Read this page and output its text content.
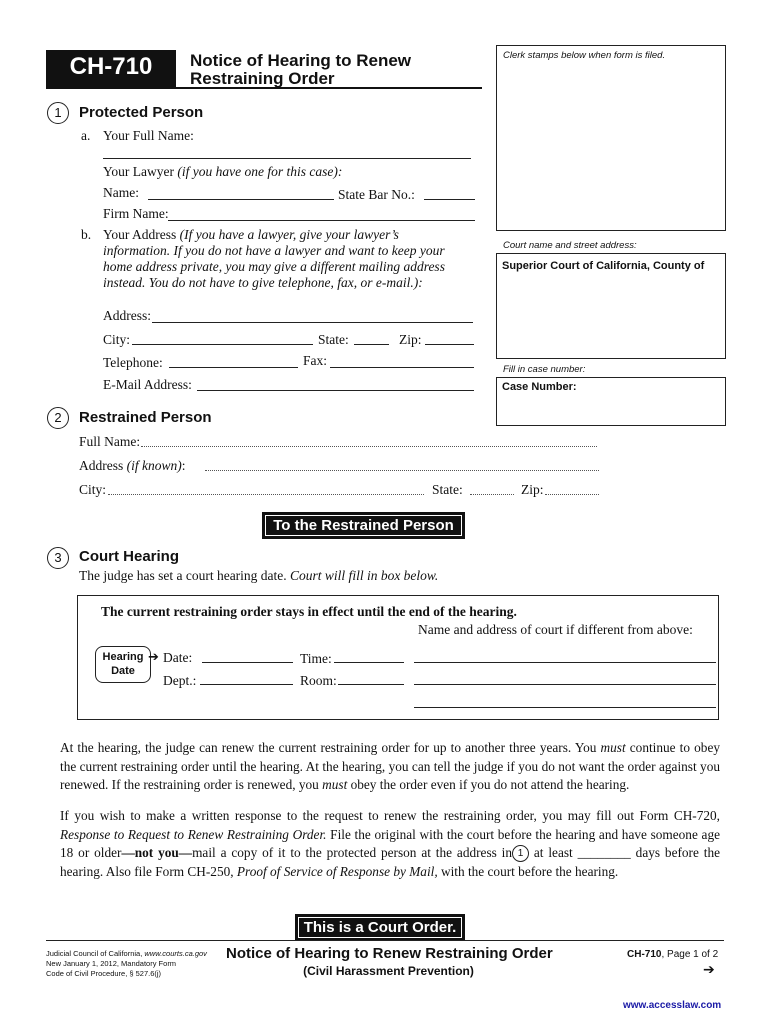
CH-710	Notice of Hearing to Renew
Restraining Order
Clerk stamps below when form is filed.
Court name and street address:
Superior Court of California, County of
Fill in case number:
Case Number:
1	Protected Person
a. Your Full Name:
Your Lawyer (if you have one for this case):
Name:	State Bar No.:
Firm Name:
b. Your Address (If you have a lawyer, give your lawyer’s
information. If you do not have a lawyer and want to keep your
home address private, you may give a different mailing address
instead. You do not have to give telephone, fax, or e-mail.):
Address:
City:	State:	Zip:
Telephone:	Fax:
E-Mail Address:
2	Restrained Person
Full Name:
Address (if known):
City:	State:	Zip:
To the Restrained Person
3	Court Hearing
The judge has set a court hearing date. Court will fill in box below.
The current restraining order stays in effect until the end of the hearing.
Name and address of court if different from above:
Hearing
Date
➔ Date:	Time:
Dept.:	Room:
At the hearing, the judge can renew the current restraining order for up to another three years. You must continue to obey the current restraining order until the hearing. At the hearing, you can tell the judge if you do not want the order against you renewed. If the restraining order is renewed, you must obey the order even if you do not attend the hearing.
If you wish to make a written response to the request to renew the restraining order, you may fill out Form CH-720, Response to Request to Renew Restraining Order. File the original with the court before the hearing and have someone age 18 or older—not you—mail a copy of it to the protected person at the address in 1 at least ________ days before the hearing. Also file Form CH-250, Proof of Service of Response by Mail, with the court before the hearing.
This is a Court Order.
Judicial Council of California, www.courts.ca.gov
New January 1, 2012, Mandatory Form
Code of Civil Procedure, § 527.6(j)
Notice of Hearing to Renew Restraining Order
(Civil Harassment Prevention)
CH-710, Page 1 of 2
➔
www.accesslaw.com
